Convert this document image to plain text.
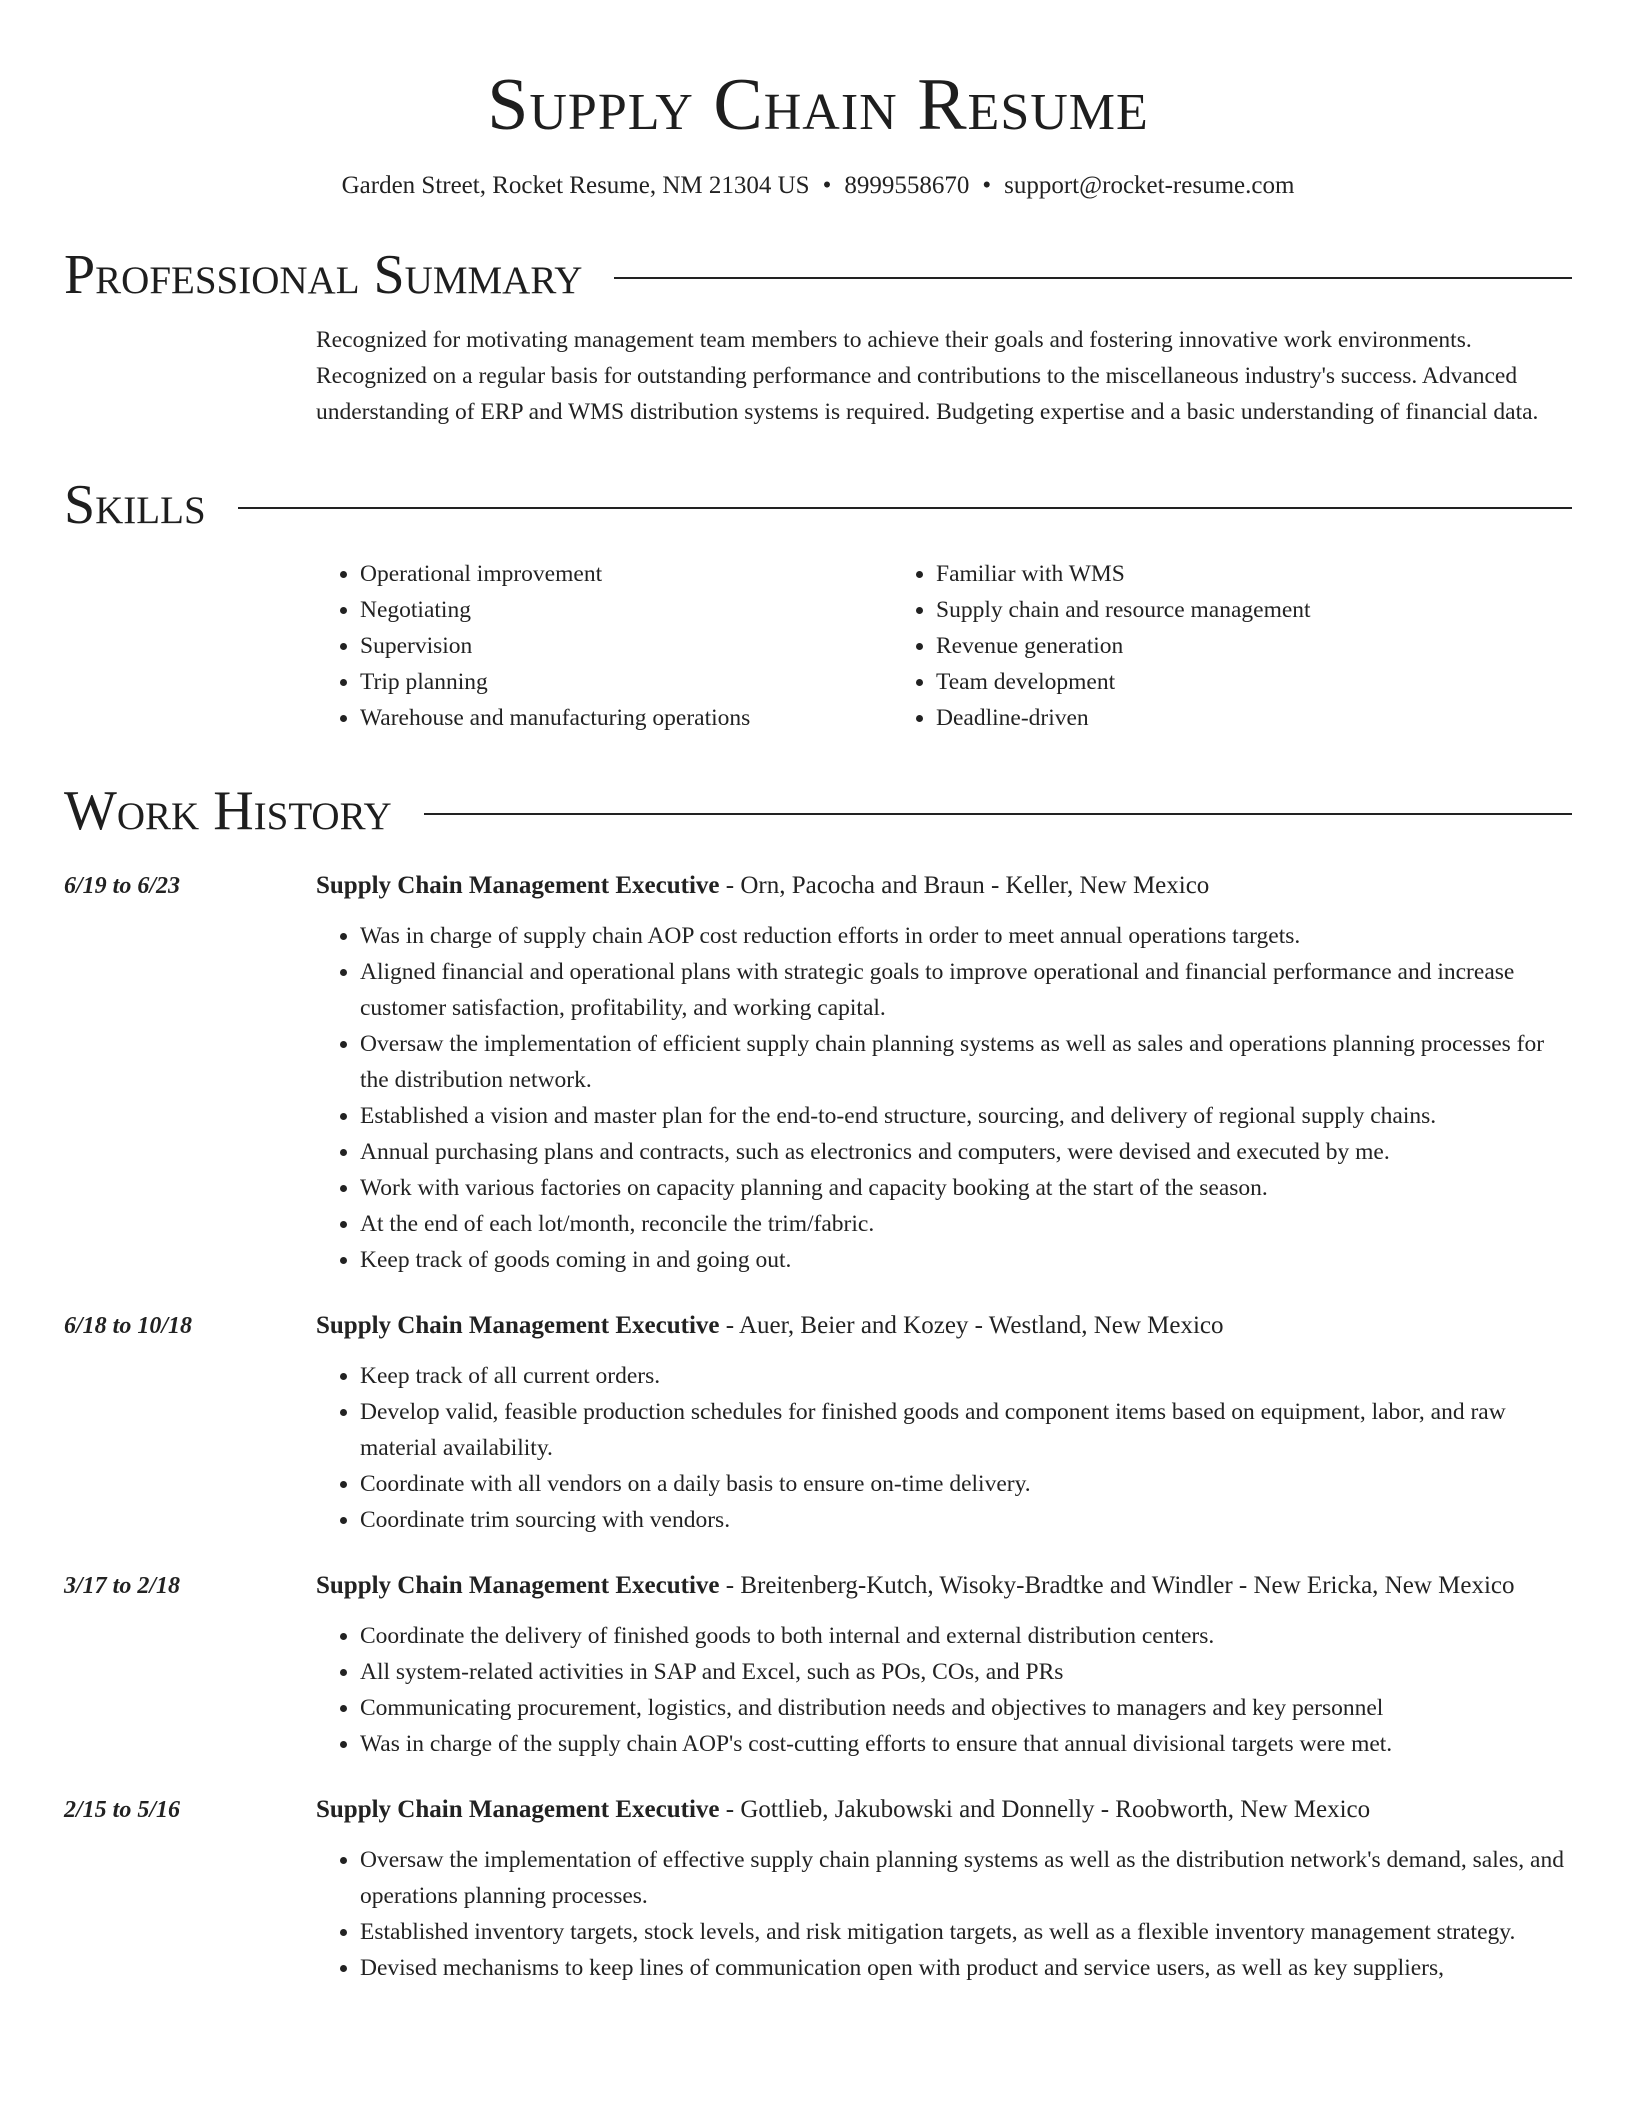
Supply Chain Resume
Garden Street, Rocket Resume, NM 21304 US • 8999558670 • support@rocket-resume.com
Professional Summary
Recognized for motivating management team members to achieve their goals and fostering innovative work environments. Recognized on a regular basis for outstanding performance and contributions to the miscellaneous industry's success. Advanced understanding of ERP and WMS distribution systems is required. Budgeting expertise and a basic understanding of financial data.
Skills
• Operational improvement
• Negotiating
• Supervision
• Trip planning
• Warehouse and manufacturing operations
• Familiar with WMS
• Supply chain and resource management
• Revenue generation
• Team development
• Deadline-driven
Work History
6/19 to 6/23	Supply Chain Management Executive - Orn, Pacocha and Braun - Keller, New Mexico
• Was in charge of supply chain AOP cost reduction efforts in order to meet annual operations targets.
• Aligned financial and operational plans with strategic goals to improve operational and financial performance and increase customer satisfaction, profitability, and working capital.
• Oversaw the implementation of efficient supply chain planning systems as well as sales and operations planning processes for the distribution network.
• Established a vision and master plan for the end-to-end structure, sourcing, and delivery of regional supply chains.
• Annual purchasing plans and contracts, such as electronics and computers, were devised and executed by me.
• Work with various factories on capacity planning and capacity booking at the start of the season.
• At the end of each lot/month, reconcile the trim/fabric.
• Keep track of goods coming in and going out.
6/18 to 10/18	Supply Chain Management Executive - Auer, Beier and Kozey - Westland, New Mexico
• Keep track of all current orders.
• Develop valid, feasible production schedules for finished goods and component items based on equipment, labor, and raw material availability.
• Coordinate with all vendors on a daily basis to ensure on-time delivery.
• Coordinate trim sourcing with vendors.
3/17 to 2/18	Supply Chain Management Executive - Breitenberg-Kutch, Wisoky-Bradtke and Windler - New Ericka, New Mexico
• Coordinate the delivery of finished goods to both internal and external distribution centers.
• All system-related activities in SAP and Excel, such as POs, COs, and PRs
• Communicating procurement, logistics, and distribution needs and objectives to managers and key personnel
• Was in charge of the supply chain AOP's cost-cutting efforts to ensure that annual divisional targets were met.
2/15 to 5/16	Supply Chain Management Executive - Gottlieb, Jakubowski and Donnelly - Roobworth, New Mexico
• Oversaw the implementation of effective supply chain planning systems as well as the distribution network's demand, sales, and operations planning processes.
• Established inventory targets, stock levels, and risk mitigation targets, as well as a flexible inventory management strategy.
• Devised mechanisms to keep lines of communication open with product and service users, as well as key suppliers,
